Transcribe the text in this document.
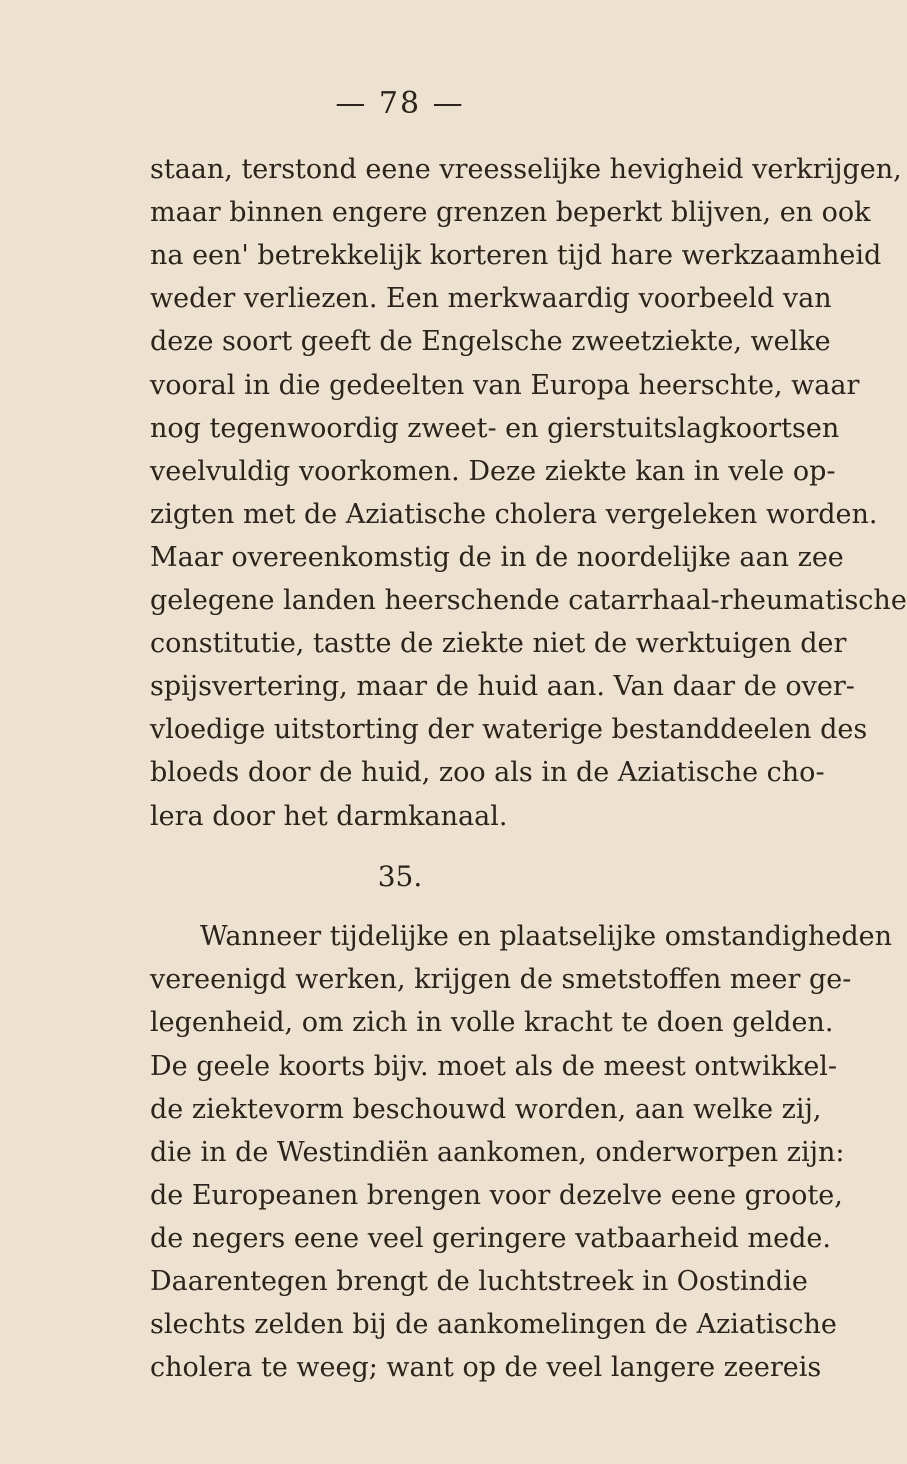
— 78 —
staan, terstond eene vreesselijke hevigheid verkrijgen,
maar binnen engere grenzen beperkt blijven, en ook
na een' betrekkelijk korteren tijd hare werkzaamheid
weder verliezen. Een merkwaardig voorbeeld van
deze soort geeft de Engelsche zweetziekte, welke
vooral in die gedeelten van Europa heerschte, waar
nog tegenwoordig zweet- en gierstuitslagkoortsen
veelvuldig voorkomen. Deze ziekte kan in vele op-
zigten met de Aziatische cholera vergeleken worden.
Maar overeenkomstig de in de noordelijke aan zee
gelegene landen heerschende catarrhaal-rheumatische
constitutie, tastte de ziekte niet de werktuigen der
spijsvertering, maar de huid aan. Van daar de over-
vloedige uitstorting der waterige bestanddeelen des
bloeds door de huid, zoo als in de Aziatische cho-
lera door het darmkanaal.
35.
Wanneer tijdelijke en plaatselijke omstandigheden
vereenigd werken, krijgen de smetstoffen meer ge-
legenheid, om zich in volle kracht te doen gelden.
De geele koorts bijv. moet als de meest ontwikkel-
de ziektevorm beschouwd worden, aan welke zij,
die in de Westindiën aankomen, onderworpen zijn:
de Europeanen brengen voor dezelve eene groote,
de negers eene veel geringere vatbaarheid mede.
Daarentegen brengt de luchtstreek in Oostindie
slechts zelden bij de aankomelingen de Aziatische
cholera te weeg; want op de veel langere zeereis
